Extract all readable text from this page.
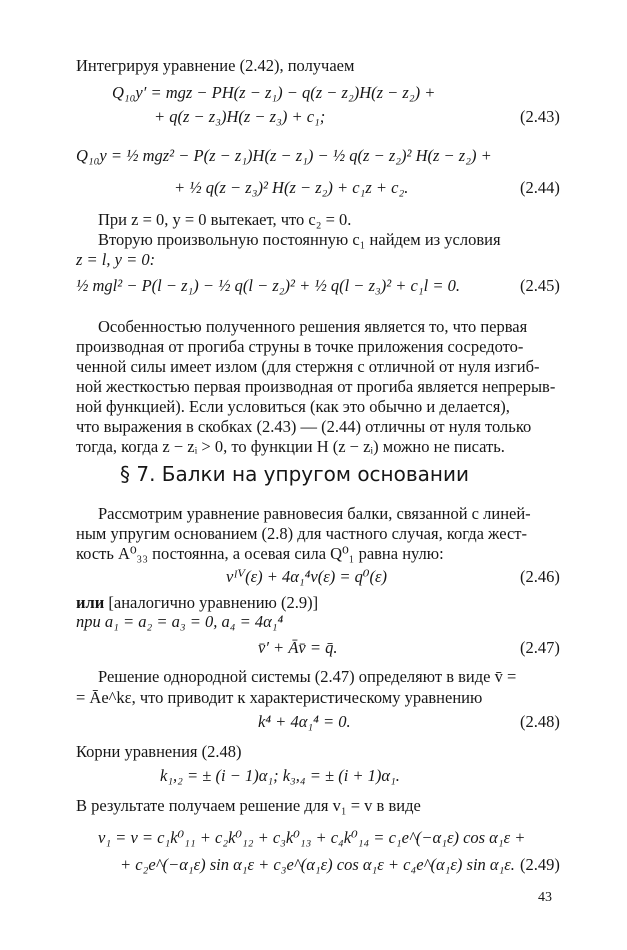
Интегрируя уравнение (2.42), получаем
Q₁₀y′ = mgz − PH(z − z₁) − q(z − z₂)H(z − z₂) +
+ q(z − z₃)H(z − z₃) + c₁;	(2.43)
Q₁₀y = ½ mgz² − P(z − z₁)H(z − z₁) − ½ q(z − z₂)² H(z − z₂) +
+ ½ q(z − z₃)² H(z − z₂) + c₁z + c₂.	(2.44)
При z = 0, y = 0 вытекает, что c₂ = 0.
Вторую произвольную постоянную c₁ найдем из условия
z = l, y = 0:
½ mgl² − P(l − z₁) − ½ q(l − z₂)² + ½ q(l − z₃)² + c₁l = 0.	(2.45)
Особенностью полученного решения является то, что первая
производная от прогиба струны в точке приложения сосредото-
ченной силы имеет излом (для стержня с отличной от нуля изгиб-
ной жесткостью первая производная от прогиба является непрерыв-
ной функцией). Если условиться (как это обычно и делается),
что выражения в скобках (2.43) — (2.44) отличны от нуля только
тогда, когда z − zᵢ > 0, то функции H (z − zᵢ) можно не писать.
§ 7. Балки на упругом основании
Рассмотрим уравнение равновесия балки, связанной с линей-
ным упругим основанием (2.8) для частного случая, когда жест-
кость A⁰₃₃ постоянна, а осевая сила Q⁰₁ равна нулю:
vᴵⱽ(ε) + 4α₁⁴v(ε) = q⁰(ε)	(2.46)
или [аналогично уравнению (2.9)]
при a₁ = a₂ = a₃ = 0, a₄ = 4α₁⁴
v̄′ + Āv̄ = q̄.	(2.47)
Решение однородной системы (2.47) определяют в виде v̄ =
= Āe^kε, что приводит к характеристическому уравнению
k⁴ + 4α₁⁴ = 0.	(2.48)
Корни уравнения (2.48)
k₁,₂ = ± (i − 1)α₁; k₃,₄ = ± (i + 1)α₁.
В результате получаем решение для v₁ = v в виде
v₁ = v = c₁k⁰₁₁ + c₂k⁰₁₂ + c₃k⁰₁₃ + c₄k⁰₁₄ = c₁e^(−α₁ε) cos α₁ε +
+ c₂e^(−α₁ε) sin α₁ε + c₃e^(α₁ε) cos α₁ε + c₄e^(α₁ε) sin α₁ε. (2.49)
43
